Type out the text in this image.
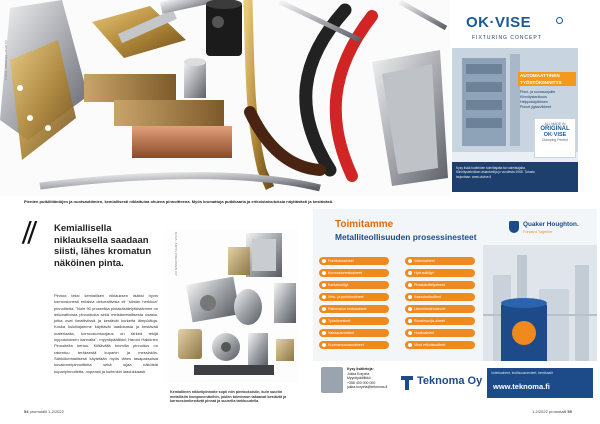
KUVA: IMMOWA / PHOTO
Pienten putkiliitäntöjen ja nuotsauttimien, kemiallisesti niklattuina ohuena pinnoitteena. Myös kromattuja putkikaaria ja erikoistaivutuksia näyttävästi ja kestävästi.
// Kemiallisella niklauksella saadaan siisti, lähes kromatun näköinen pinta.
Pinnoa teksi kemiallisen niklauksen lisäksi hyvin korroosionesti erilaisia dekoratiivisia eli "silmän herkkua" pinnoitteita. "Noin 90 prosenttia pintakäsittelytöistämme on dekoratiivista pinnoitusta sekä metsämetallisesta osasta, jotka ovat ilmatiiviissä ja kestävät korkeita lämpötiloja. Koska kuluttajamme käyttävät laadukasta ja kestävää materiaalia, korroosionsuojaus on tärkeä tekijä lopputuloksen kannalta", myyntipäällikkö Harold Hakkinen Pinnoitelta kertoo. Kiiltävällä kromilla pinnoitus on rakentuu teräksestä kupariin ja messinkiin. Sähkökemiallisesti käytetään myös lähes tasapaksuisia kovakromipinnoitteita sekä lujaa näköistä kuparipinnoitetta, nopeasti ja kuitenkin laadukkaasti.
KUVA: ARTO PIRHONEN OY
Kemiallinen nikkelipinnoite sopii niin pienkokoisiin, kuin suuriin metallisiin komponentteihin, joiden toiminnon takaavat kestävät ja korroosionkestävät pinnat ja suurella tarkkuudella.
54 promotalli 1-2/2022
OK·VISE
FIXTURING CONCEPT
AUTOMAATTINEN TYÖSTÖKIINNITYS
Pieni- ja suurasarjoille
Kiinnitystarkkuus
Helppokäyttöinen
Pienet jigitarvikkeet
ALL MADE IN
ORIGINAL
OK·VISE
Clamping Perfect
Kysy lisää tuotteiden toimittajalta tai valmistajalta. Kiinnitystekniikan asiantuntija jo vuodesta 1965. Tutustu tarjontaan: www.okvise.fi
Toimitamme
Metalliteollisuuden prosessinesteet
Quaker Houghton.
Forward Together
Puhdistusaineet
Korroosionestoaineet
Karkaisuöljyt
Veto- ja puristusaineet
Painevalun irrotusaineet
Työstönesteet
Valssausnesteet
Kuumamuovausaineet
Voiteluaineet
Hydrauliöljyt
Pintakäsittelyaineet
Kaasutustuotteet
Lämmönsiirtoaineet
Ruostesuoja-aineet
Huoltoaineet
Muut erikoistuotteet
Kysy lisätietoja:
Jukka Korpela
Myyntipäällikkö
+358 400 000 000
jukka.korpela@teknoma.fi
Teknoma Oy
Voiteluaineet, teollisuusnesteet, kemikaalit
www.teknoma.fi
1-2/2022 promotalli 55
